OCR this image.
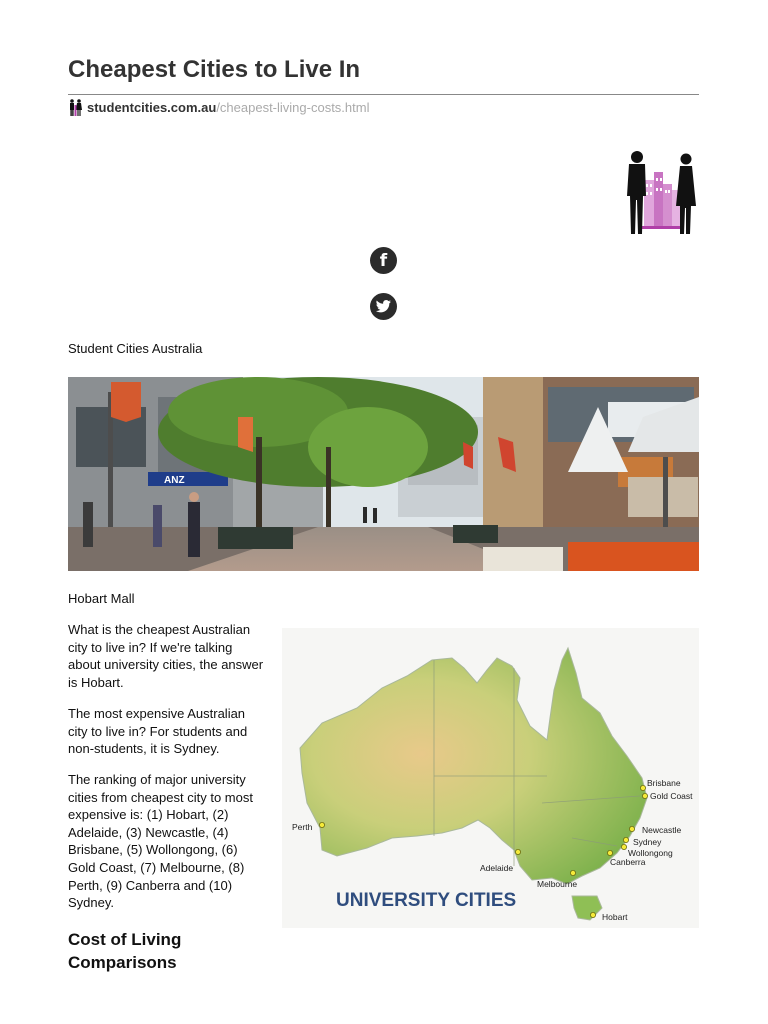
Cheapest Cities to Live In
studentcities.com.au /cheapest-living-costs.html
f

Student Cities Australia

ANZ

Hobart Mall

What is the cheapest Australian city to live in? If we're talking about university cities, the answer is Hobart.

The most expensive Australian city to live in? For students and non-students, it is Sydney.

The ranking of major university cities from cheapest city to most expensive is: (1) Hobart, (2) Adelaide, (3) Newcastle, (4) Brisbane, (5) Wollongong, (6) Gold Coast, (7) Melbourne, (8) Perth, (9) Canberra and (10) Sydney.	UNIVERSITY CITIES
Perth
Adelaide
Melbourne
Hobart
Canberra
Wollongong
Sydney
Newcastle
Brisbane
Gold Coast
Cost of Living Comparisons
